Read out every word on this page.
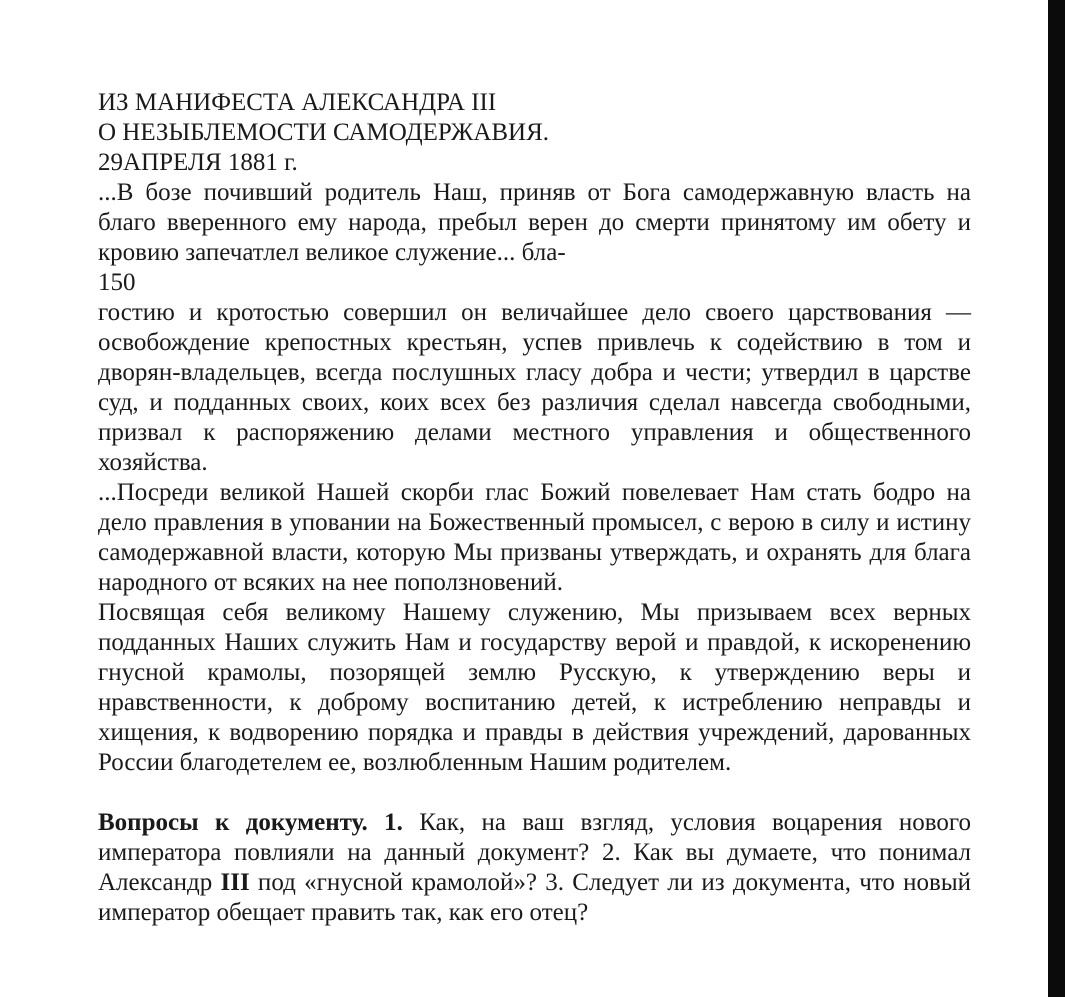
ИЗ МАНИФЕСТА АЛЕКСАНДРА III
О НЕЗЫБЛЕМОСТИ САМОДЕРЖАВИЯ.
29АПРЕЛЯ 1881 г.

...В бозе почивший родитель Наш, приняв от Бога самодержавную власть на благо вверенного ему народа, пребыл верен до смерти принятому им обету и кровию запечатлел великое служение... бла-

150

гостию и кротостью совершил он величайшее дело своего царствования — освобождение крепостных крестьян, успев привлечь к содействию в том и дворян-владельцев, всегда послушных гласу добра и чести; утвердил в царстве суд, и подданных своих, коих всех без различия сделал навсегда свободными, призвал к распоряжению делами местного управления и общественного хозяйства.

...Посреди великой Нашей скорби глас Божий повелевает Нам стать бодро на дело правления в уповании на Божественный промысел, с верою в силу и истину самодержавной власти, которую Мы призваны утверждать, и охранять для блага народного от всяких на нее поползновений.

Посвящая себя великому Нашему служению, Мы призываем всех верных подданных Наших служить Нам и государству верой и правдой, к искоренению гнусной крамолы, позорящей землю Русскую, к утверждению веры и нравственности, к доброму воспитанию детей, к истреблению неправды и хищения, к водворению порядка и правды в действия учреждений, дарованных России благодетелем ее, возлюбленным Нашим родителем.

Вопросы к документу. 1. Как, на ваш взгляд, условия воцарения нового императора повлияли на данный документ? 2. Как вы думаете, что понимал Александр III под «гнусной крамолой»? 3. Следует ли из документа, что новый император обещает править так, как его отец?
